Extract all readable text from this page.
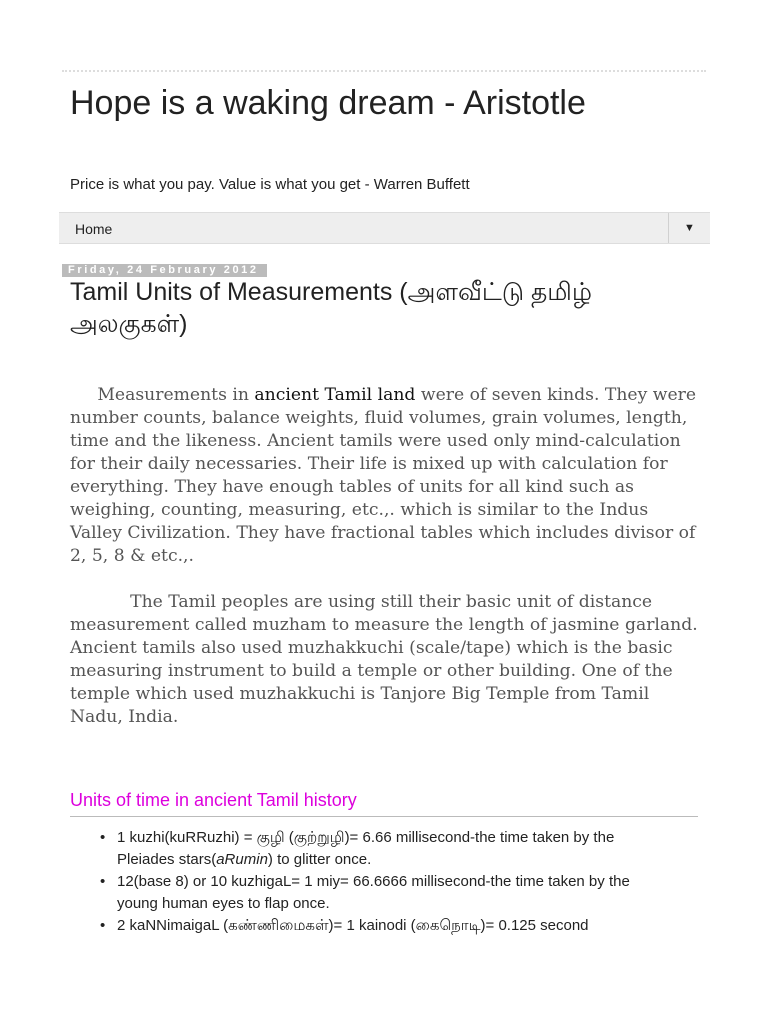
Hope is a waking dream - Aristotle

Price is what you pay. Value is what you get - Warren Buffett

Home	▼
Friday, 24 February 2012
Tamil Units of Measurements (அளவீட்டு தமிழ் அலகுகள்)

Measurements in ancient Tamil land were of seven kinds. They were number counts, balance weights, fluid volumes, grain volumes, length, time and the likeness. Ancient tamils were used only mind-calculation for their daily necessaries. Their life is mixed up with calculation for everything. They have enough tables of units for all kind such as weighing, counting, measuring, etc.,. which is similar to the Indus Valley Civilization. They have fractional tables which includes divisor of 2, 5, 8 & etc.,.

The Tamil peoples are using still their basic unit of distance measurement called muzham to measure the length of jasmine garland. Ancient tamils also used muzhakkuchi (scale/tape) which is the basic measuring instrument to build a temple or other building. One of the temple which used muzhakkuchi is Tanjore Big Temple from Tamil Nadu, India.

Units of time in ancient Tamil history
• 1 kuzhi(kuRRuzhi) = குழி (குற்றுழி)= 6.66 millisecond-the time taken by the Pleiades stars(aRumin) to glitter once.
• 12(base 8) or 10 kuzhigaL= 1 miy= 66.6666 millisecond-the time taken by the young human eyes to flap once.
• 2 kaNNimaigaL (கண்ணிமைகள்)= 1 kainodi (கைநொடி)= 0.125 second
